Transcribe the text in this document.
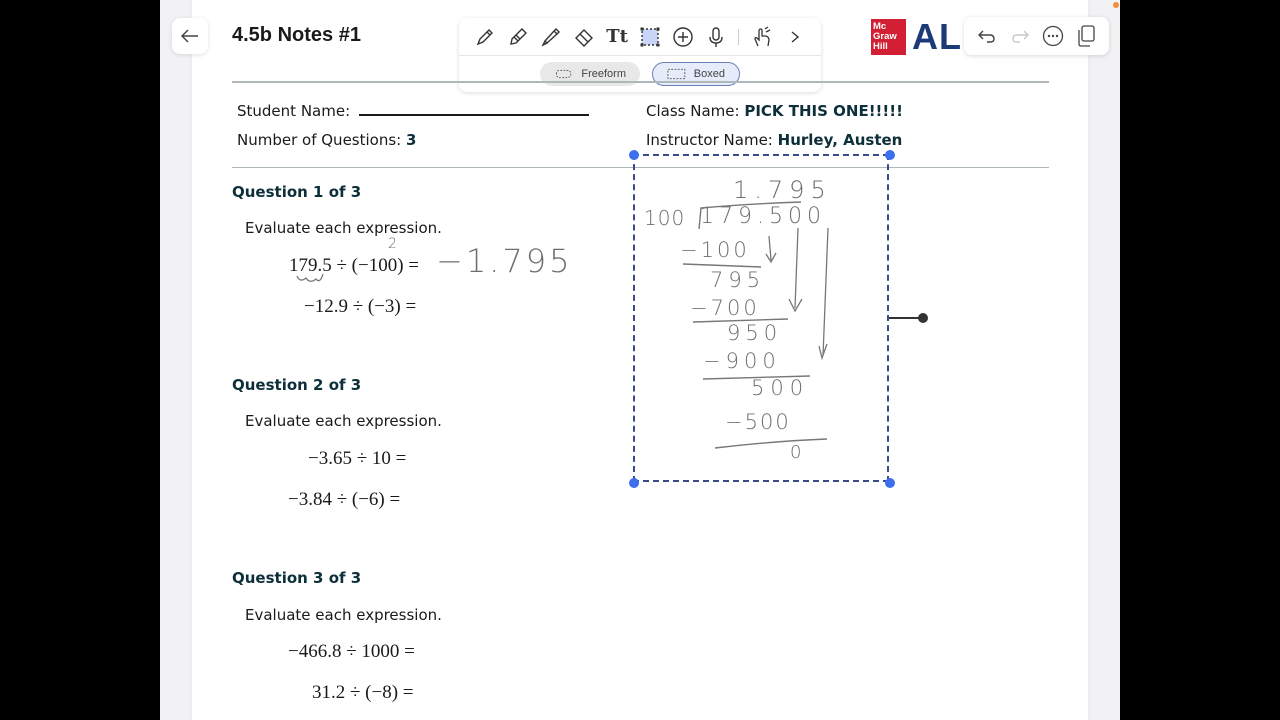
4.5b Notes #1	Tt
Freeform	Boxed
Mc
Graw
Hill AL
Student Name:
Number of Questions: 3
Class Name: PICK THIS ONE!!!!!
Instructor Name: Hurley, Austen
Question 1 of 3
Evaluate each expression.
179.5 ÷ (−100) =
−12.9 ÷ (−3) =
Question 2 of 3
Evaluate each expression.
−3.65 ÷ 10 =
−3.84 ÷ (−6) =
Question 3 of 3
Evaluate each expression.
−466.8 ÷ 1000 =
31.2 ÷ (−8) =
−1.795
2
1.795
100 179.500
−100
795
−700
950
−900
500
−500
0
